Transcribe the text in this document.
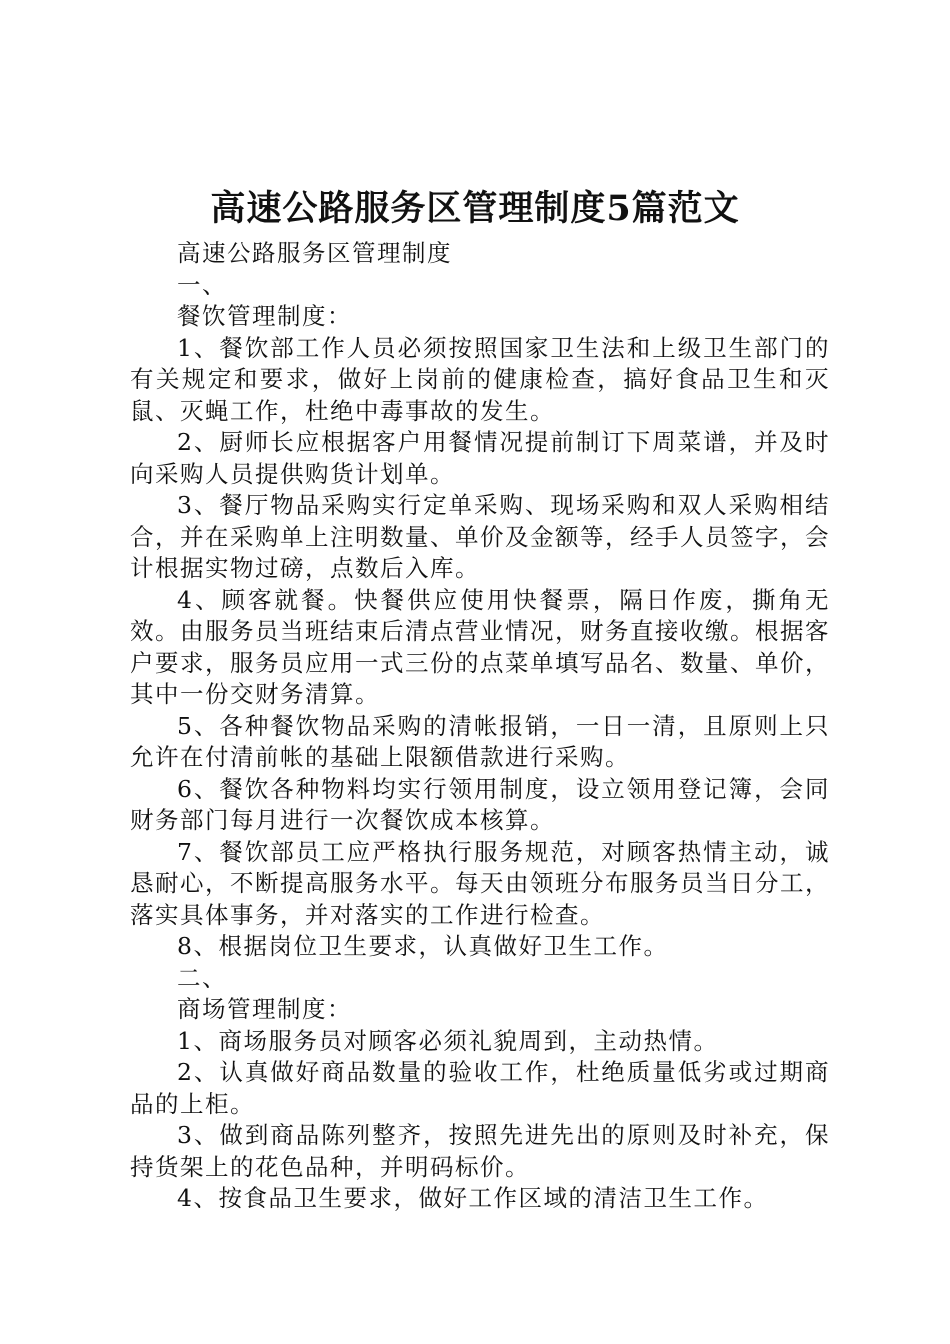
高速公路服务区管理制度5篇范文

高速公路服务区管理制度

一、

餐饮管理制度：

1、餐饮部工作人员必须按照国家卫生法和上级卫生部门的有关规定和要求，做好上岗前的健康检查，搞好食品卫生和灭鼠、灭蝇工作，杜绝中毒事故的发生。

2、厨师长应根据客户用餐情况提前制订下周菜谱，并及时向采购人员提供购货计划单。

3、餐厅物品采购实行定单采购、现场采购和双人采购相结合，并在采购单上注明数量、单价及金额等，经手人员签字，会计根据实物过磅，点数后入库。

4、顾客就餐。快餐供应使用快餐票，隔日作废，撕角无效。由服务员当班结束后清点营业情况，财务直接收缴。根据客户要求，服务员应用一式三份的点菜单填写品名、数量、单价，其中一份交财务清算。

5、各种餐饮物品采购的清帐报销，一日一清，且原则上只允许在付清前帐的基础上限额借款进行采购。

6、餐饮各种物料均实行领用制度，设立领用登记簿，会同财务部门每月进行一次餐饮成本核算。

7、餐饮部员工应严格执行服务规范，对顾客热情主动，诚恳耐心，不断提高服务水平。每天由领班分布服务员当日分工，落实具体事务，并对落实的工作进行检查。

8、根据岗位卫生要求，认真做好卫生工作。

二、

商场管理制度：

1、商场服务员对顾客必须礼貌周到，主动热情。

2、认真做好商品数量的验收工作，杜绝质量低劣或过期商品的上柜。

3、做到商品陈列整齐，按照先进先出的原则及时补充，保持货架上的花色品种，并明码标价。

4、按食品卫生要求，做好工作区域的清洁卫生工作。
